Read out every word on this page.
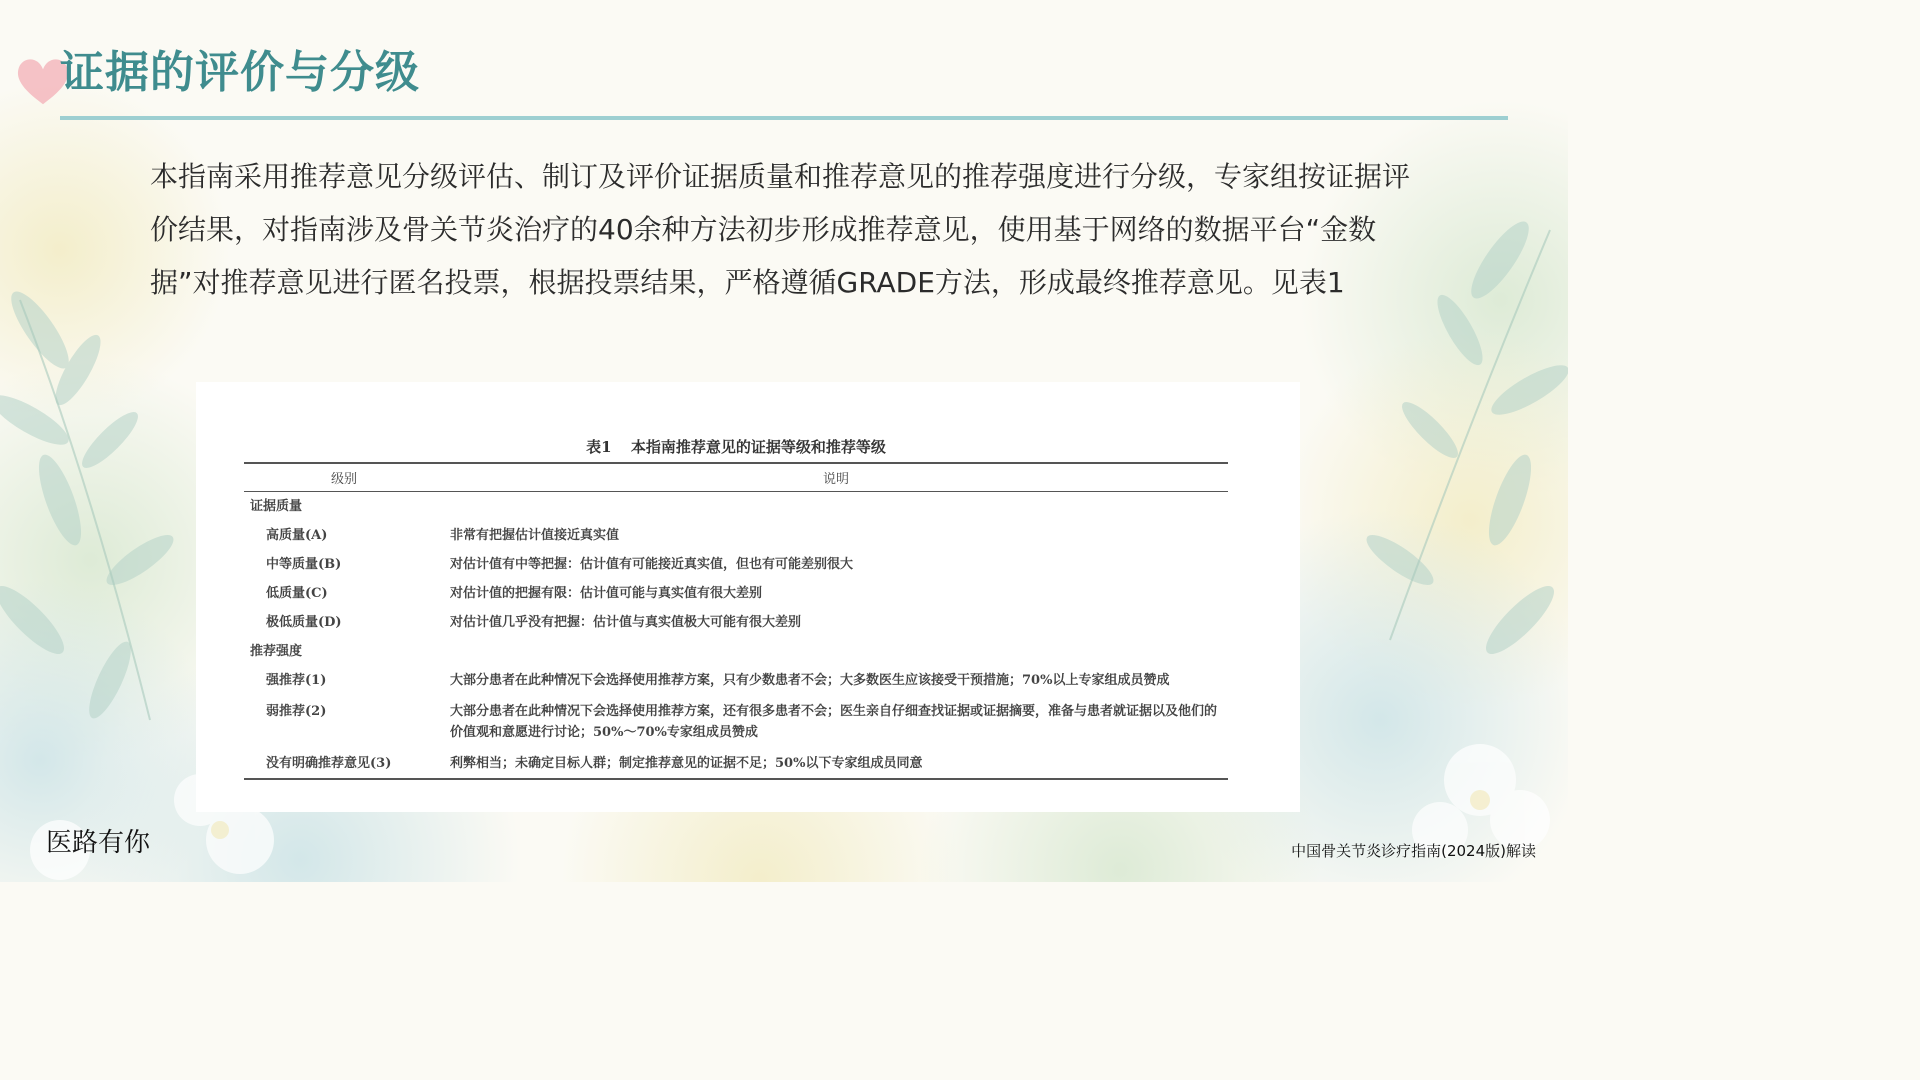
证据的评价与分级

本指南采用推荐意见分级评估、制订及评价证据质量和推荐意见的推荐强度进行分级，专家组按证据评价结果，对指南涉及骨关节炎治疗的40余种方法初步形成推荐意见，使用基于网络的数据平台“金数据”对推荐意见进行匿名投票，根据投票结果，严格遵循GRADE方法，形成最终推荐意见。见表1

表1 本指南推荐意见的证据等级和推荐等级
级别	说明
证据质量	
高质量(A)	非常有把握估计值接近真实值
中等质量(B)	对估计值有中等把握：估计值有可能接近真实值，但也有可能差别很大
低质量(C)	对估计值的把握有限：估计值可能与真实值有很大差别
极低质量(D)	对估计值几乎没有把握：估计值与真实值极大可能有很大差别
推荐强度	
强推荐(1)	大部分患者在此种情况下会选择使用推荐方案，只有少数患者不会；大多数医生应该接受干预措施；70%以上专家组成员赞成
弱推荐(2)	大部分患者在此种情况下会选择使用推荐方案，还有很多患者不会；医生亲自仔细查找证据或证据摘要，准备与患者就证据以及他们的价值观和意愿进行讨论；50%～70%专家组成员赞成
没有明确推荐意见(3)	利弊相当；未确定目标人群；制定推荐意见的证据不足；50%以下专家组成员同意

医路有你	中国骨关节炎诊疗指南(2024版)解读
